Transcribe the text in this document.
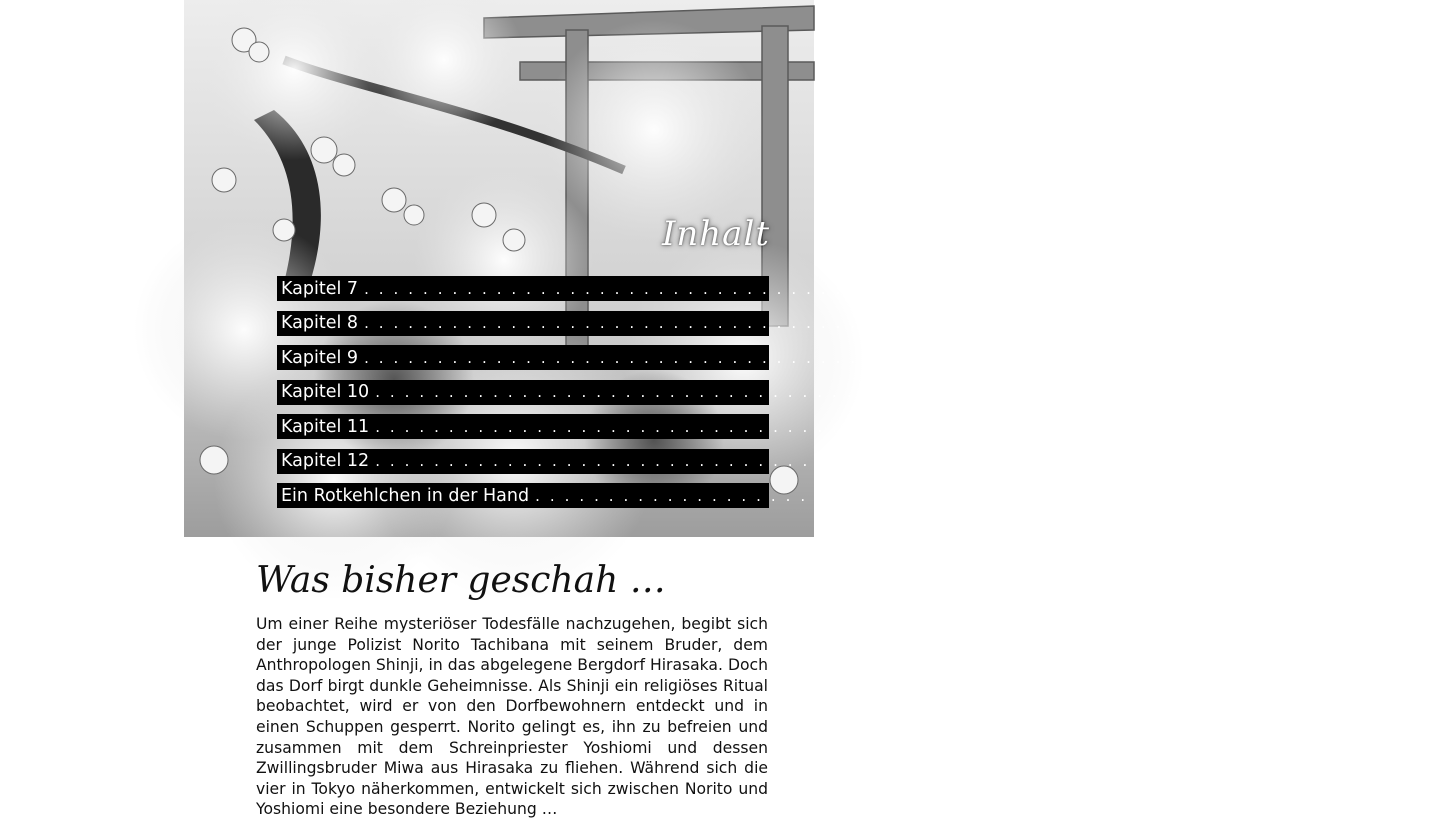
Inhalt
Kapitel 7 . . . . . . . . . . . . . . . . . . . . . . . . . . . . . . . . . . . . . . . . . . . . . . . . . . . . . . . . . . . . 005
Kapitel 8 . . . . . . . . . . . . . . . . . . . . . . . . . . . . . . . . . . . . . . . . . . . . . . . . . . . . . . . . . . . . 037
Kapitel 9 . . . . . . . . . . . . . . . . . . . . . . . . . . . . . . . . . . . . . . . . . . . . . . . . . . . . . . . . . . . . 073
Kapitel 10 . . . . . . . . . . . . . . . . . . . . . . . . . . . . . . . . . . . . . . . . . . . . . . . . . . . . . . . . . . . . 105
Kapitel 11 . . . . . . . . . . . . . . . . . . . . . . . . . . . . . . . . . . . . . . . . . . . . . . . . . . . . . . . . . . . . 135
Kapitel 12 . . . . . . . . . . . . . . . . . . . . . . . . . . . . . . . . . . . . . . . . . . . . . . . . . . . . . . . . . . . . 169
Ein Rotkehlchen in der Hand . . . . . . . . . . . . . . . . . . . . . . . . . . . . . . . . . . . . . . . . . . . . . . . . . . . . . . . . . . . . 201
Was bisher geschah …

Um einer Reihe mysteriöser Todesfälle nachzugehen, begibt sich der junge Polizist Norito Tachibana mit seinem Bruder, dem Anthropologen Shinji, in das abgelegene Bergdorf Hirasaka. Doch das Dorf birgt dunkle Geheimnisse. Als Shinji ein religiöses Ritual beobachtet, wird er von den Dorfbewohnern entdeckt und in einen Schuppen gesperrt. Norito gelingt es, ihn zu befreien und zusammen mit dem Schreinpriester Yoshiomi und dessen Zwillingsbruder Miwa aus Hirasaka zu fliehen. Während sich die vier in Tokyo näherkommen, entwickelt sich zwischen Norito und Yoshiomi eine besondere Beziehung …
